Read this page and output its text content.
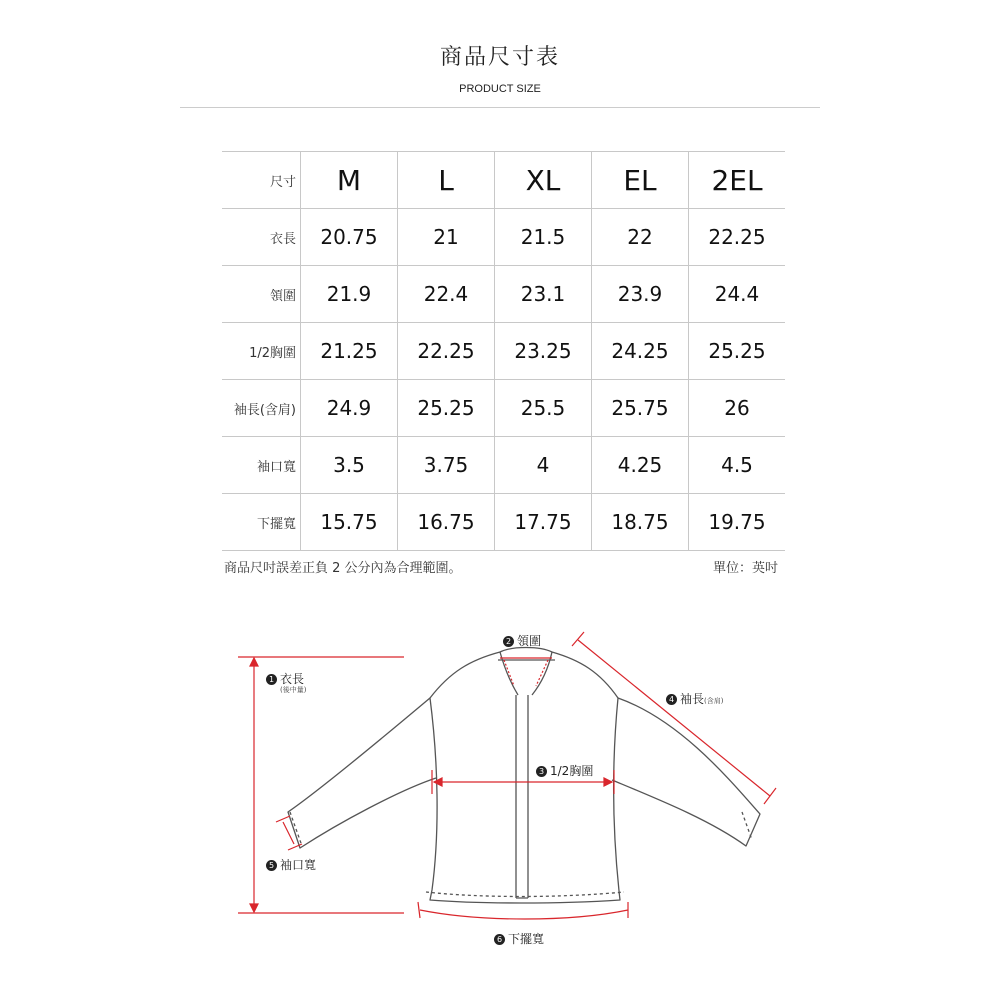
商品尺寸表
PRODUCT SIZE
尺寸	M	L	XL	EL	2EL
衣長	20.75	21	21.5	22	22.25
領圍	21.9	22.4	23.1	23.9	24.4
1/2胸圍	21.25	22.25	23.25	24.25	25.25
袖長(含肩)	24.9	25.25	25.5	25.75	26
袖口寬	3.5	3.75	4	4.25	4.5
下擺寬	15.75	16.75	17.75	18.75	19.75
商品尺吋誤差正負 2 公分內為合理範圍。	單位：英吋
1 衣長
(後中量)
2 領圍
3 1/2胸圍
4 袖長(含肩)
5 袖口寬
6 下擺寬
